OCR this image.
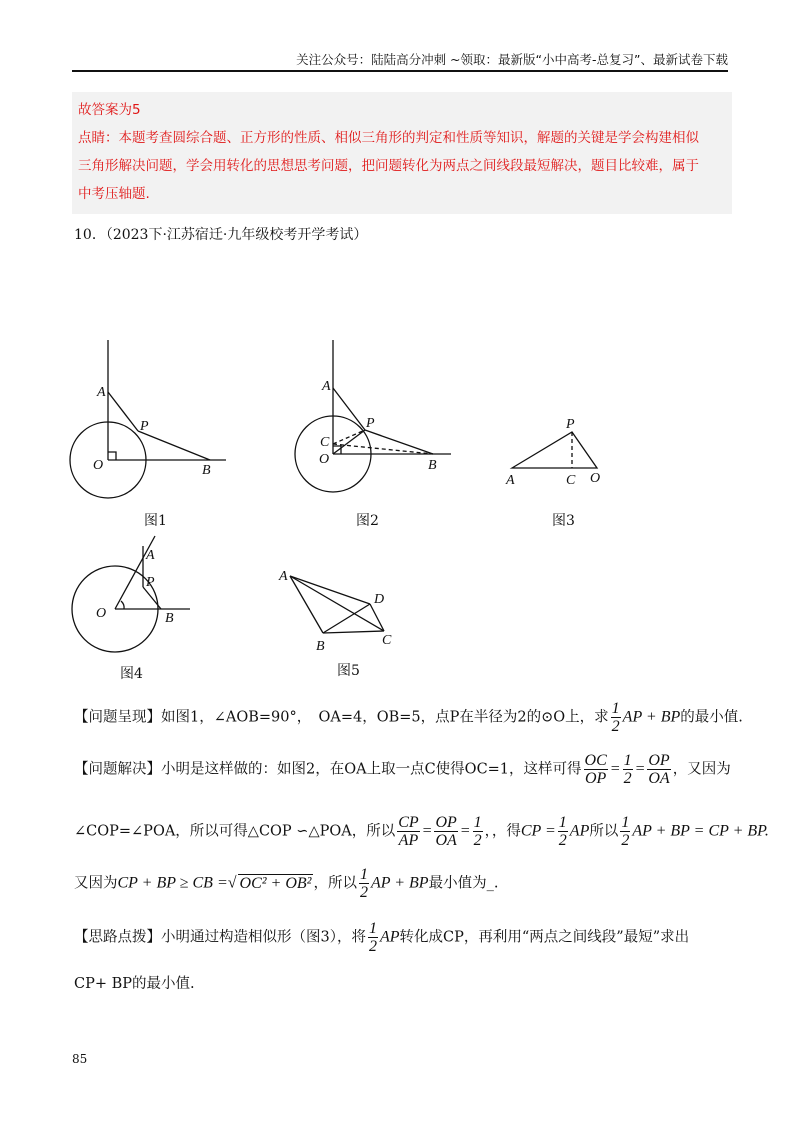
关注公众号：陆陆高分冲刺 ~领取：最新版“小中高考-总复习”、最新试卷下载

故答案为5

点睛：本题考查圆综合题、正方形的性质、相似三角形的判定和性质等知识，解题的关键是学会构建相似

三角形解决问题，学会用转化的思想思考问题，把问题转化为两点之间线段最短解决，题目比较难，属于

中考压轴题.

10．（2023下·江苏宿迁·九年级校考开学考试）
A
P
O	B
A
P
C
O	B
P
A	C O
A
P
O	B
A
D
B	C
图1	图2	图3
图4	图5
【问题呈现】如图1，∠AOB=90°，　OA=4，OB=5，点P在半径为2的⊙O上，求 $\frac{1}{2}$ AP + BP的最小值.
【问题解决】小明是这样做的：如图2，在OA上取一点C使得OC=1，这样可得 $\frac{OC}{OP} = \frac{1}{2} = \frac{OP}{OA}$ ，又因为
∠COP=∠POA，所以可得△COP ∽△POA，所以 $\frac{CP}{AP} = \frac{OP}{OA} = \frac{1}{2}$ ，，得CP = $\frac{1}{2}$ AP所以 $\frac{1}{2}$ AP + BP = CP + BP.
又因为CP + BP ≥ CB =√ OC² + OB² ，所以 $\frac{1}{2}$ AP + BP最小值为_.
【思路点拨】小明通过构造相似形（图3），将 $\frac{1}{2}$ AP转化成CP，再利用“两点之间线段”最短”求出
CP+ BP的最小值.
85
